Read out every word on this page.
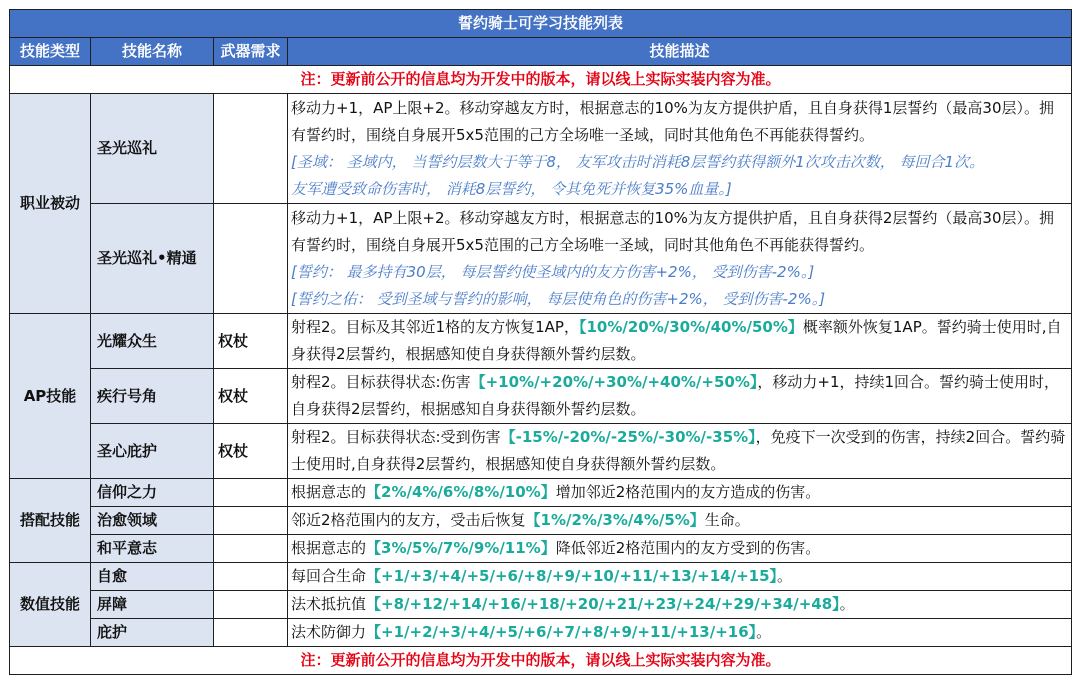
誓约骑士可学习技能列表			
技能类型	技能名称	武器需求	技能描述
注：更新前公开的信息均为开发中的版本，请以线上实际实装内容为准。			
职业被动	圣光巡礼		移动力+1，AP上限+2。移动穿越友方时，根据意志的10%为友方提供护盾，且自身获得1层誓约（最高30层）。拥有誓约时，围绕自身展开5x5范围的己方全场唯一圣域，同时其他角色不再能获得誓约。
[圣域： 圣域内， 当誓约层数大于等于8， 友军攻击时消耗8层誓约获得额外1次攻击次数， 每回合1次。
友军遭受致命伤害时， 消耗8层誓约， 令其免死并恢复35%血量。]
	圣光巡礼•精通		移动力+1，AP上限+2。移动穿越友方时，根据意志的10%为友方提供护盾，且自身获得2层誓约（最高30层）。拥有誓约时，围绕自身展开5x5范围的己方全场唯一圣域，同时其他角色不再能获得誓约。
[誓约： 最多持有30层， 每层誓约使圣域内的友方伤害+2%， 受到伤害-2%。]
[誓约之佑： 受到圣域与誓约的影响， 每层使角色的伤害+2%， 受到伤害-2%。]
AP技能	光耀众生	权杖	射程2。目标及其邻近1格的友方恢复1AP，【10%/20%/30%/40%/50%】概率额外恢复1AP。誓约骑士使用时,自身获得2层誓约，根据感知使自身获得额外誓约层数。
	疾行号角	权杖	射程2。目标获得状态:伤害【+10%/+20%/+30%/+40%/+50%】，移动力+1，持续1回合。誓约骑士使用时，自身获得2层誓约，根据感知自身获得额外誓约层数。
	圣心庇护	权杖	射程2。目标获得状态:受到伤害【-15%/-20%/-25%/-30%/-35%】，免疫下一次受到的伤害，持续2回合。誓约骑士使用时,自身获得2层誓约，根据感知使自身获得额外誓约层数。
搭配技能	信仰之力		根据意志的【2%/4%/6%/8%/10%】增加邻近2格范围内的友方造成的伤害。
	治愈领域		邻近2格范围内的友方，受击后恢复【1%/2%/3%/4%/5%】生命。
	和平意志		根据意志的【3%/5%/7%/9%/11%】降低邻近2格范围内的友方受到的伤害。
数值技能	自愈		每回合生命【+1/+3/+4/+5/+6/+8/+9/+10/+11/+13/+14/+15】。
	屏障		法术抵抗值【+8/+12/+14/+16/+18/+20/+21/+23/+24/+29/+34/+48】。
	庇护		法术防御力【+1/+2/+3/+4/+5/+6/+7/+8/+9/+11/+13/+16】。
注：更新前公开的信息均为开发中的版本，请以线上实际实装内容为准。			
